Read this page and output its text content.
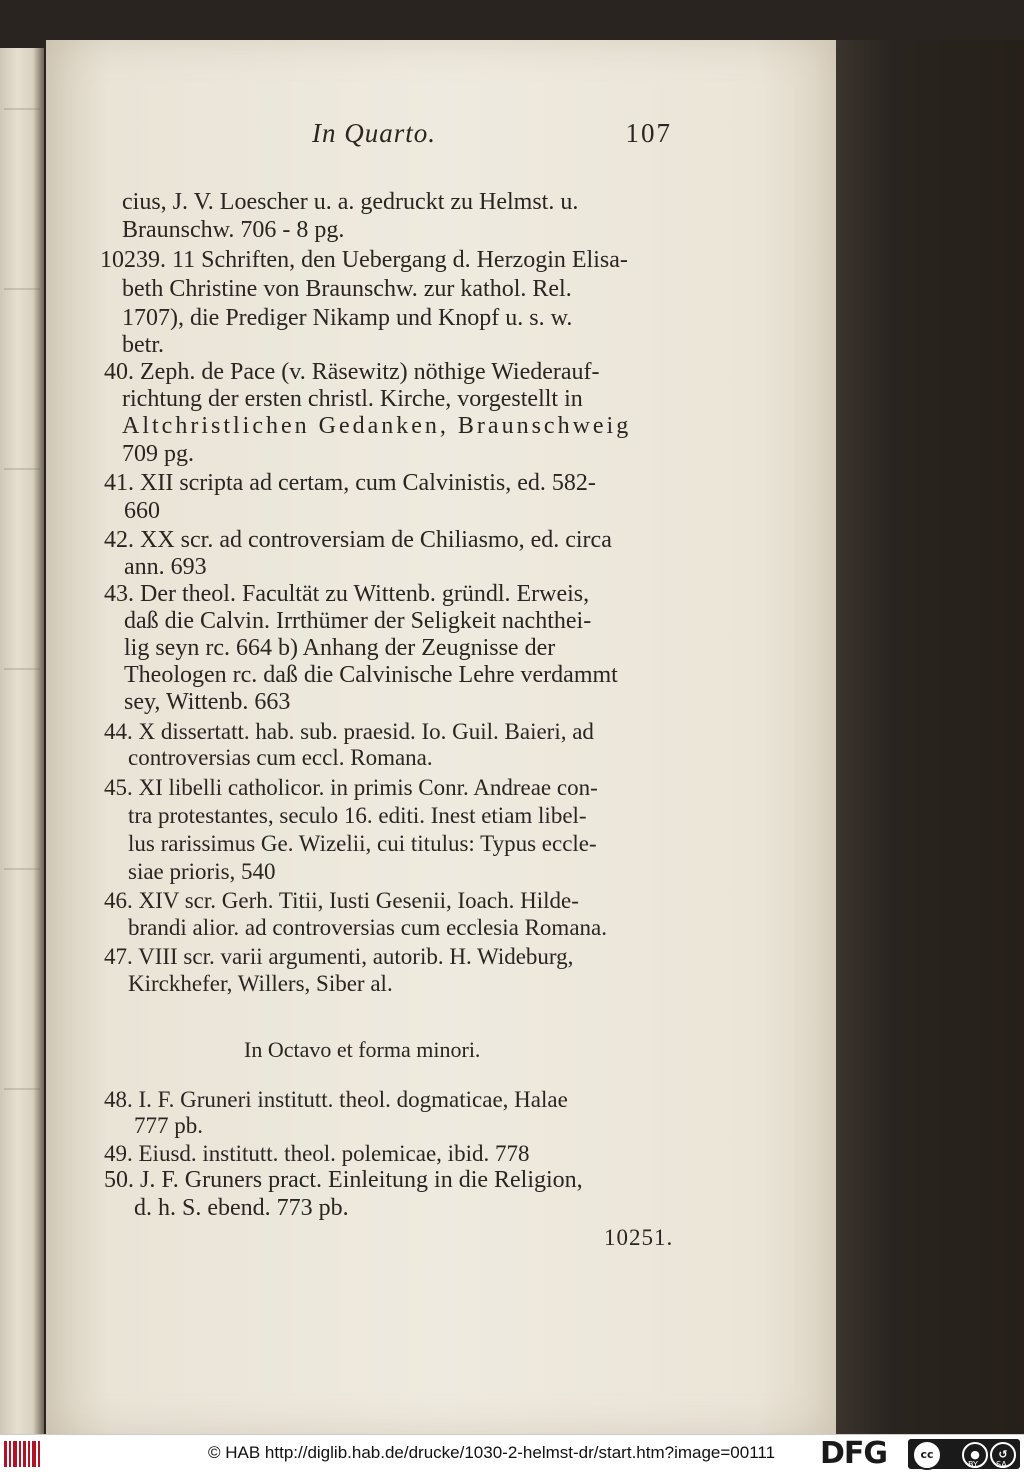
In Quarto.	107
cius, J. V. Loescher u. a. gedruckt zu Helmst. u.
Braunschw. 706 - 8 pg.
10239. 11 Schriften, den Uebergang d. Herzogin Elisa-
beth Christine von Braunschw. zur kathol. Rel.
1707), die Prediger Nikamp und Knopf u. s. w.
betr.
40. Zeph. de Pace (v. Räsewitz) nöthige Wiederauf-
richtung der ersten christl. Kirche, vorgestellt in
Altchristlichen Gedanken, Braunschweig
709 pg.
41. XII scripta ad certam, cum Calvinistis, ed. 582-
660
42. XX scr. ad controversiam de Chiliasmo, ed. circa
ann. 693
43. Der theol. Facultät zu Wittenb. gründl. Erweis,
daß die Calvin. Irrthümer der Seligkeit nachthei-
lig seyn rc. 664 b) Anhang der Zeugnisse der
Theologen rc. daß die Calvinische Lehre verdammt
sey, Wittenb. 663
44. X dissertatt. hab. sub. praesid. Io. Guil. Baieri, ad
controversias cum eccl. Romana.
45. XI libelli catholicor. in primis Conr. Andreae con-
tra protestantes, seculo 16. editi. Inest etiam libel-
lus rarissimus Ge. Wizelii, cui titulus: Typus eccle-
siae prioris, 540
46. XIV scr. Gerh. Titii, Iusti Gesenii, Ioach. Hilde-
brandi alior. ad controversias cum ecclesia Romana.
47. VIII scr. varii argumenti, autorib. H. Wideburg,
Kirckhefer, Willers, Siber al.
In Octavo et forma minori.
48. I. F. Gruneri institutt. theol. dogmaticae, Halae
777 pb.
49. Eiusd. institutt. theol. polemicae, ibid. 778
50. J. F. Gruners pract. Einleitung in die Religion,
d. h. S. ebend. 773 pb.
10251.
© HAB http://diglib.hab.de/drucke/1030-2-helmst-dr/start.htm?image=00111 DFG	cc	●	↺
BY SA
